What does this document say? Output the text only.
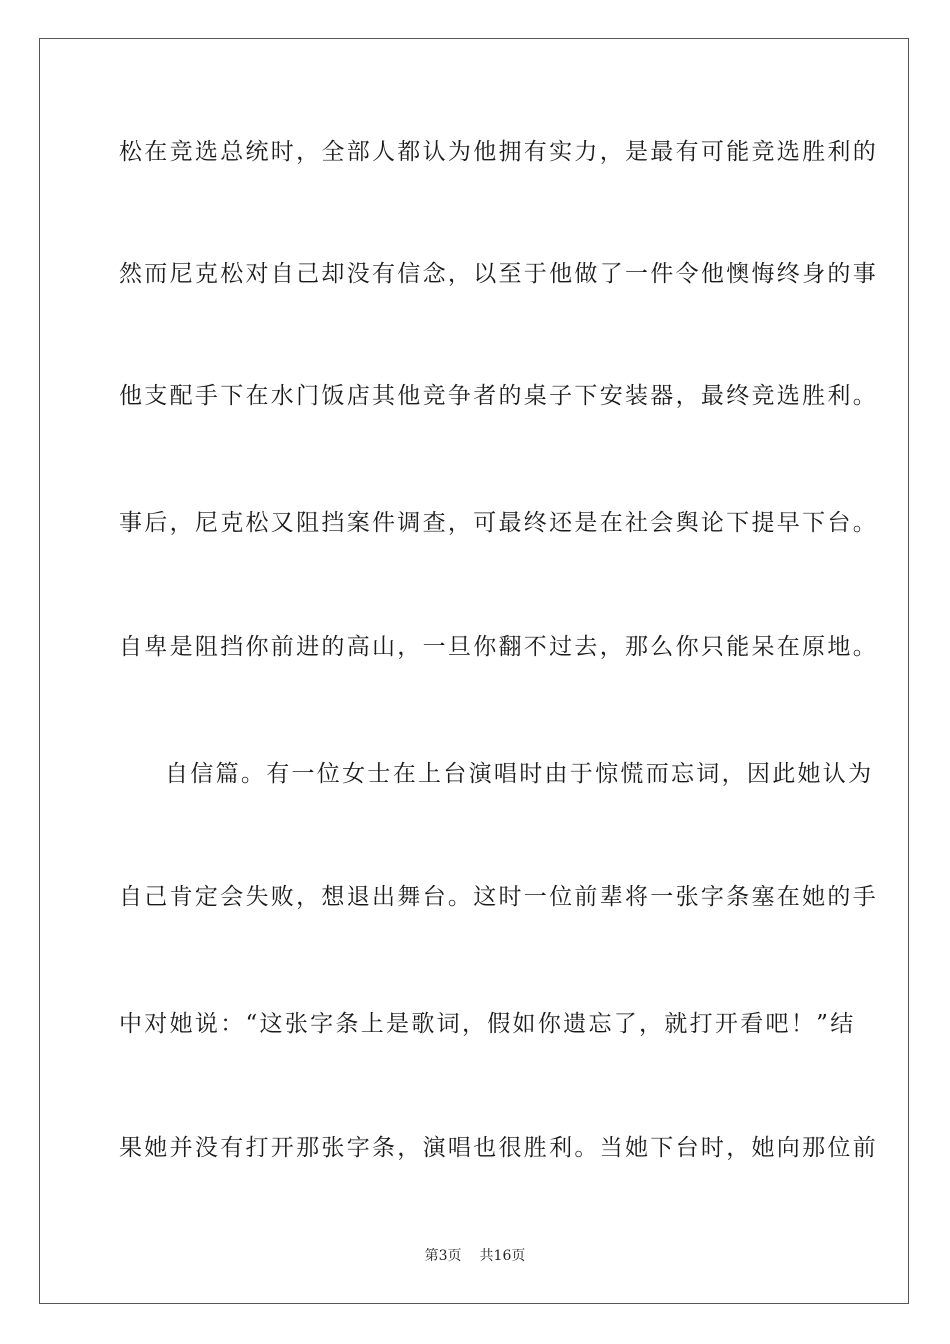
松在竞选总统时，全部人都认为他拥有实力，是最有可能竞选胜利的
然而尼克松对自己却没有信念，以至于他做了一件令他懊悔终身的事
他支配手下在水门饭店其他竞争者的桌子下安装器，最终竞选胜利。
事后，尼克松又阻挡案件调查，可最终还是在社会舆论下提早下台。
自卑是阻挡你前进的高山，一旦你翻不过去，那么你只能呆在原地。
自信篇。有一位女士在上台演唱时由于惊慌而忘词，因此她认为
自己肯定会失败，想退出舞台。这时一位前辈将一张字条塞在她的手
中对她说：“这张字条上是歌词，假如你遗忘了，就打开看吧！”结
果她并没有打开那张字条，演唱也很胜利。当她下台时，她向那位前
第3页 共16页
